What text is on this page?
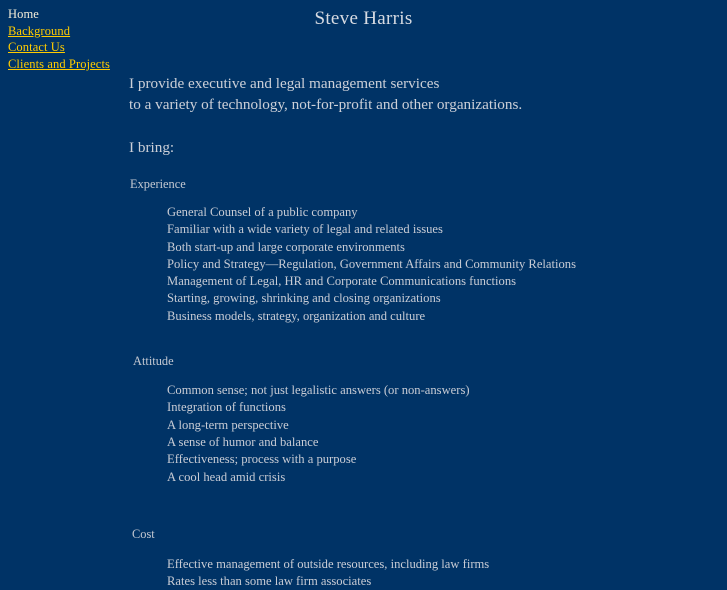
Home
Background
Contact Us
Clients and Projects
Steve Harris

I provide executive and legal management services

to a variety of technology, not-for-profit and other organizations.

I bring:

Experience

General Counsel of a public company
Familiar with a wide variety of legal and related issues
Both start-up and large corporate environments
Policy and Strategy—Regulation, Government Affairs and Community Relations
Management of Legal, HR and Corporate Communications functions
Starting, growing, shrinking and closing organizations
Business models, strategy, organization and culture

Attitude

Common sense; not just legalistic answers (or non-answers)
Integration of functions
A long-term perspective
A sense of humor and balance
Effectiveness; process with a purpose
A cool head amid crisis

Cost

Effective management of outside resources, including law firms
Rates less than some law firm associates
